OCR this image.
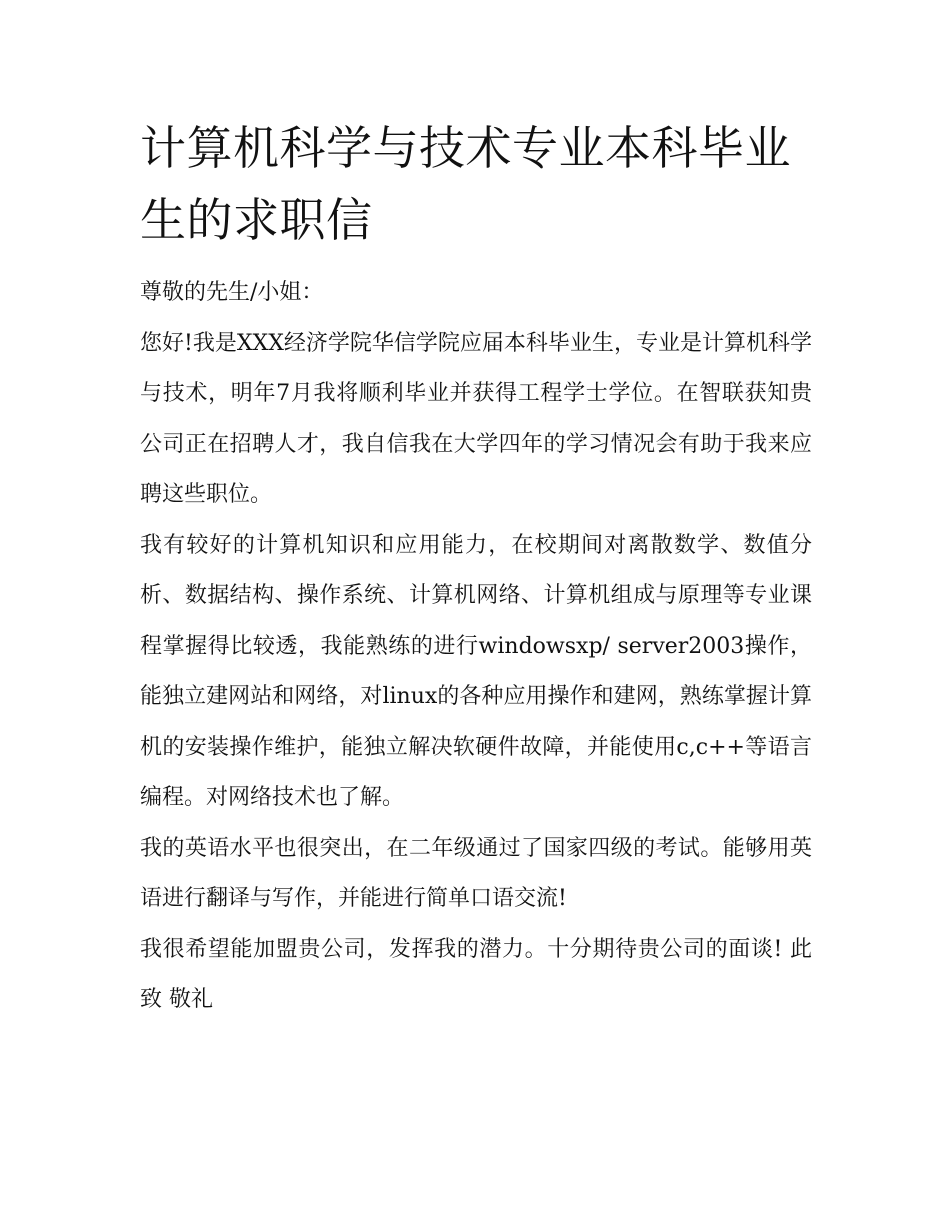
计算机科学与技术专业本科毕业生的求职信

尊敬的先生/小姐：

您好!我是XXX经济学院华信学院应届本科毕业生，专业是计算机科学与技术，明年7月我将顺利毕业并获得工程学士学位。在智联获知贵公司正在招聘人才，我自信我在大学四年的学习情况会有助于我来应聘这些职位。

我有较好的计算机知识和应用能力，在校期间对离散数学、数值分析、数据结构、操作系统、计算机网络、计算机组成与原理等专业课程掌握得比较透，我能熟练的进行windowsxp/ server2003操作，能独立建网站和网络，对linux的各种应用操作和建网，熟练掌握计算机的安装操作维护，能独立解决软硬件故障，并能使用c,c++等语言编程。对网络技术也了解。

我的英语水平也很突出，在二年级通过了国家四级的考试。能够用英语进行翻译与写作，并能进行简单口语交流!

我很希望能加盟贵公司，发挥我的潜力。十分期待贵公司的面谈! 此致 敬礼
